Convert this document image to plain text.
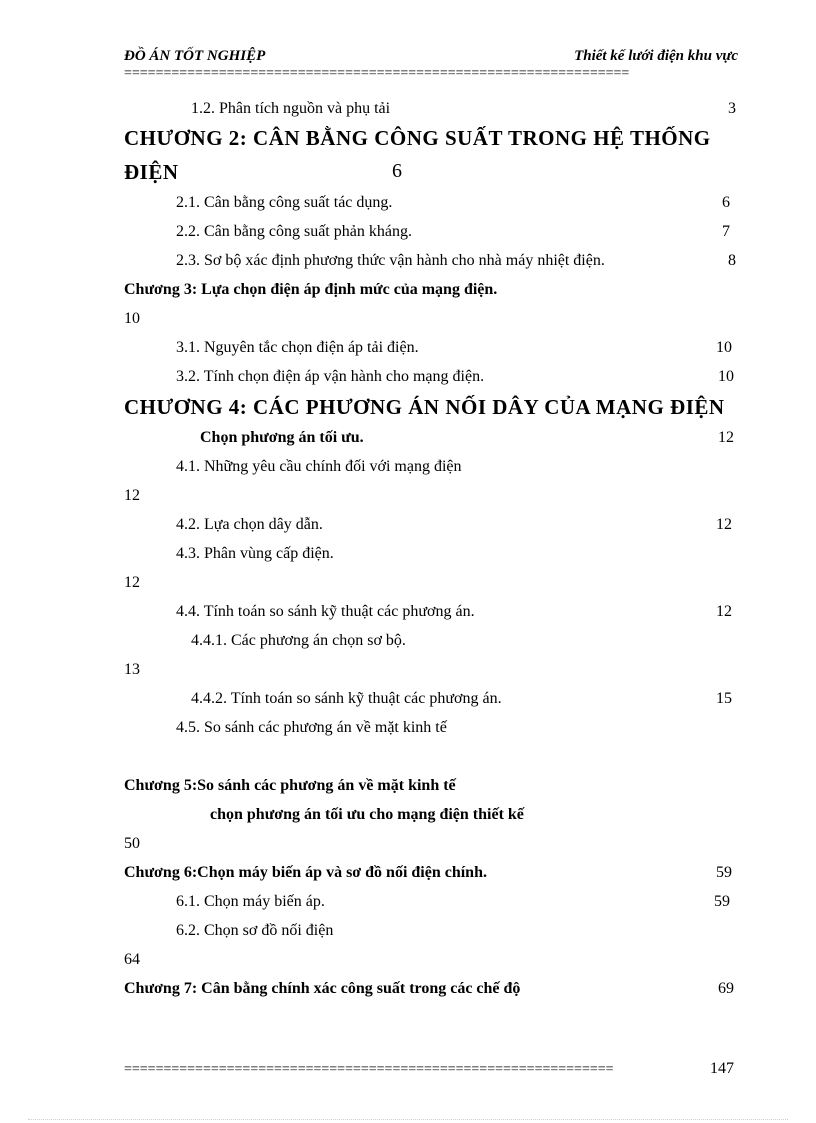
ĐỒ ÁN TỐT NGHIỆP	Thiết kế lưới điện khu vực
================================================================
1.2. Phân tích nguồn và phụ tải	3
CHƯƠNG 2: CÂN BẰNG CÔNG SUẤT TRONG HỆ THỐNG
ĐIỆN	6
2.1. Cân bằng công suất tác dụng.	6
2.2. Cân bằng công suất phản kháng.	7
2.3. Sơ bộ xác định phương thức vận hành cho nhà máy nhiệt điện.	8
Chương 3: Lựa chọn điện áp định mức của mạng điện.
10
3.1. Nguyên tắc chọn điện áp tải điện.	10
3.2. Tính chọn điện áp vận hành cho mạng điện.	10
CHƯƠNG 4: CÁC PHƯƠNG ÁN NỐI DÂY CỦA MẠNG ĐIỆN
Chọn phương án tối ưu.	12
4.1. Những yêu cầu chính đối với mạng điện
12
4.2. Lựa chọn dây dẫn.	12
4.3. Phân vùng cấp điện.
12
4.4. Tính toán so sánh kỹ thuật các phương án.	12
4.4.1. Các phương án chọn sơ bộ.
13
4.4.2. Tính toán so sánh kỹ thuật các phương án.	15
4.5. So sánh các phương án về mặt kinh tế
Chương 5:So sánh các phương án về mặt kinh tế
chọn phương án tối ưu cho mạng điện thiết kế
50
Chương 6:Chọn máy biến áp và sơ đồ nối điện chính.	59
6.1. Chọn máy biến áp.	59
6.2. Chọn sơ đồ nối điện
64
Chương 7: Cân bằng chính xác công suất trong các chế độ	69
==============================================================	147
